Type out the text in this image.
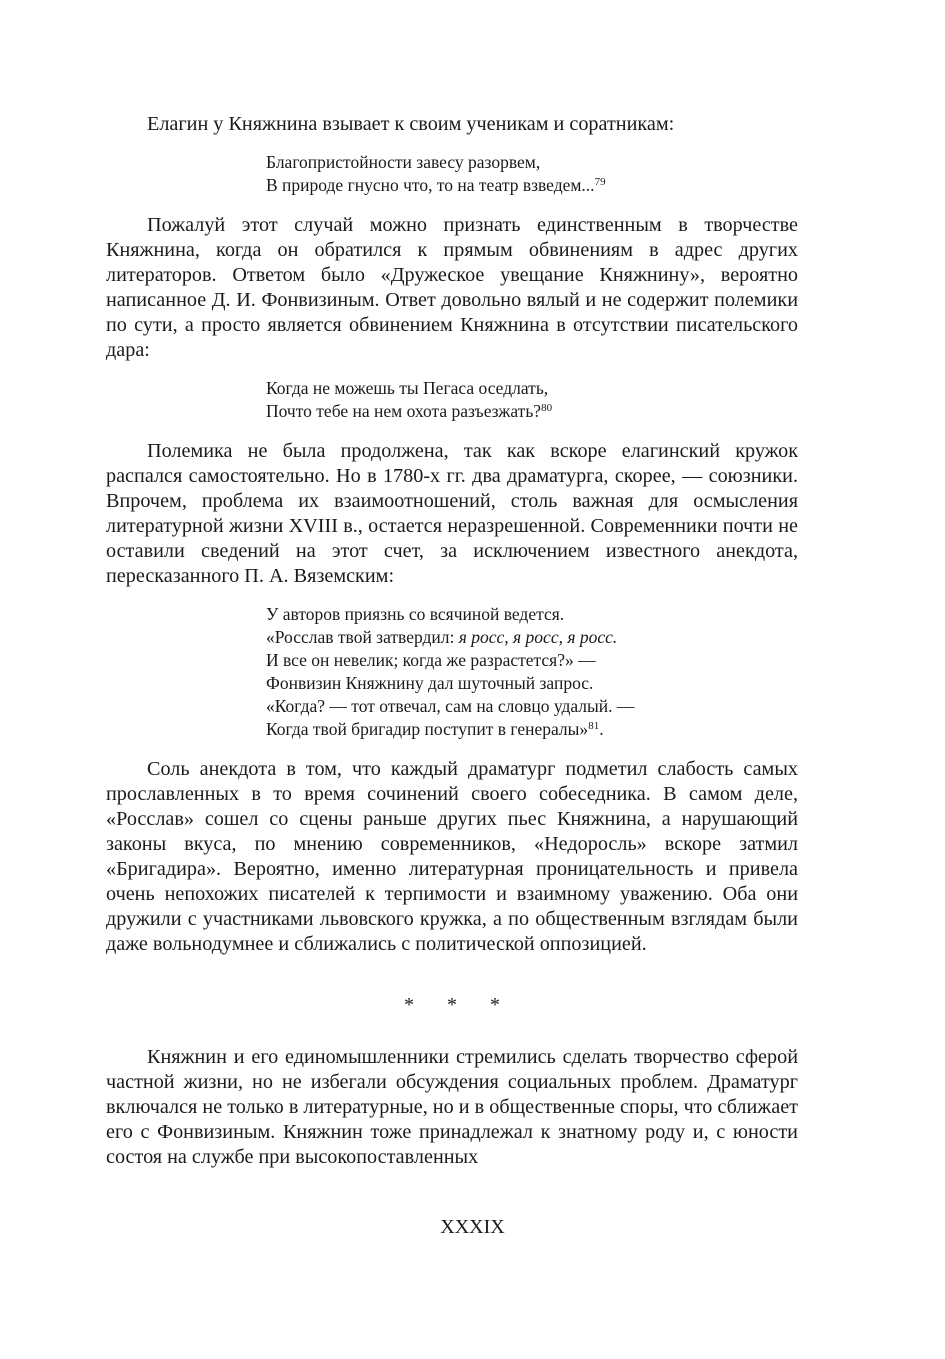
Елагин у Княжнина взывает к своим ученикам и соратникам:

Благопристойности завесу разорвем,
В природе гнусно что, то на театр взведем...$^{79}$

Пожалуй этот случай можно признать единственным в творчестве Княжнина, когда он обратился к прямым обвинениям в адрес других литераторов. Ответом было «Дружеское увещание Княжнину», вероятно написанное Д. И. Фонвизиным. Ответ довольно вялый и не содержит полемики по сути, а просто является обвинением Княжнина в отсутствии писательского дара:

Когда не можешь ты Пегаса оседлать,
Почто тебе на нем охота разъезжать?$^{80}$

Полемика не была продолжена, так как вскоре елагинский кружок распался самостоятельно. Но в 1780-х гг. два драматурга, скорее, — союзники. Впрочем, проблема их взаимоотношений, столь важная для осмысления литературной жизни XVIII в., остается неразрешенной. Современники почти не оставили сведений на этот счет, за исключением известного анекдота, пересказанного П. А. Вяземским:

У авторов приязнь со всячиной ведется.
«Росслав твой затвердил: я росс, я росс, я росс.
И все он невелик; когда же разрастется?» —
Фонвизин Княжнину дал шуточный запрос.
«Когда? — тот отвечал, сам на словцо удалый. —
Когда твой бригадир поступит в генералы»$^{81}$.

Соль анекдота в том, что каждый драматург подметил слабость самых прославленных в то время сочинений своего собеседника. В самом деле, «Росслав» сошел со сцены раньше других пьес Княжнина, а нарушающий законы вкуса, по мнению современников, «Недоросль» вскоре затмил «Бригадира». Вероятно, именно литературная проницательность и привела очень непохожих писателей к терпимости и взаимному уважению. Оба они дружили с участниками львовского кружка, а по общественным взглядам были даже вольнодумнее и сближались с политической оппозицией.

* * *

Княжнин и его единомышленники стремились сделать творчество сферой частной жизни, но не избегали обсуждения социальных проблем. Драматург включался не только в литературные, но и в общественные споры, что сближает его с Фонвизиным. Княжнин тоже принадлежал к знатному роду и, с юности состоя на службе при высокопоставленных

XXXIX
